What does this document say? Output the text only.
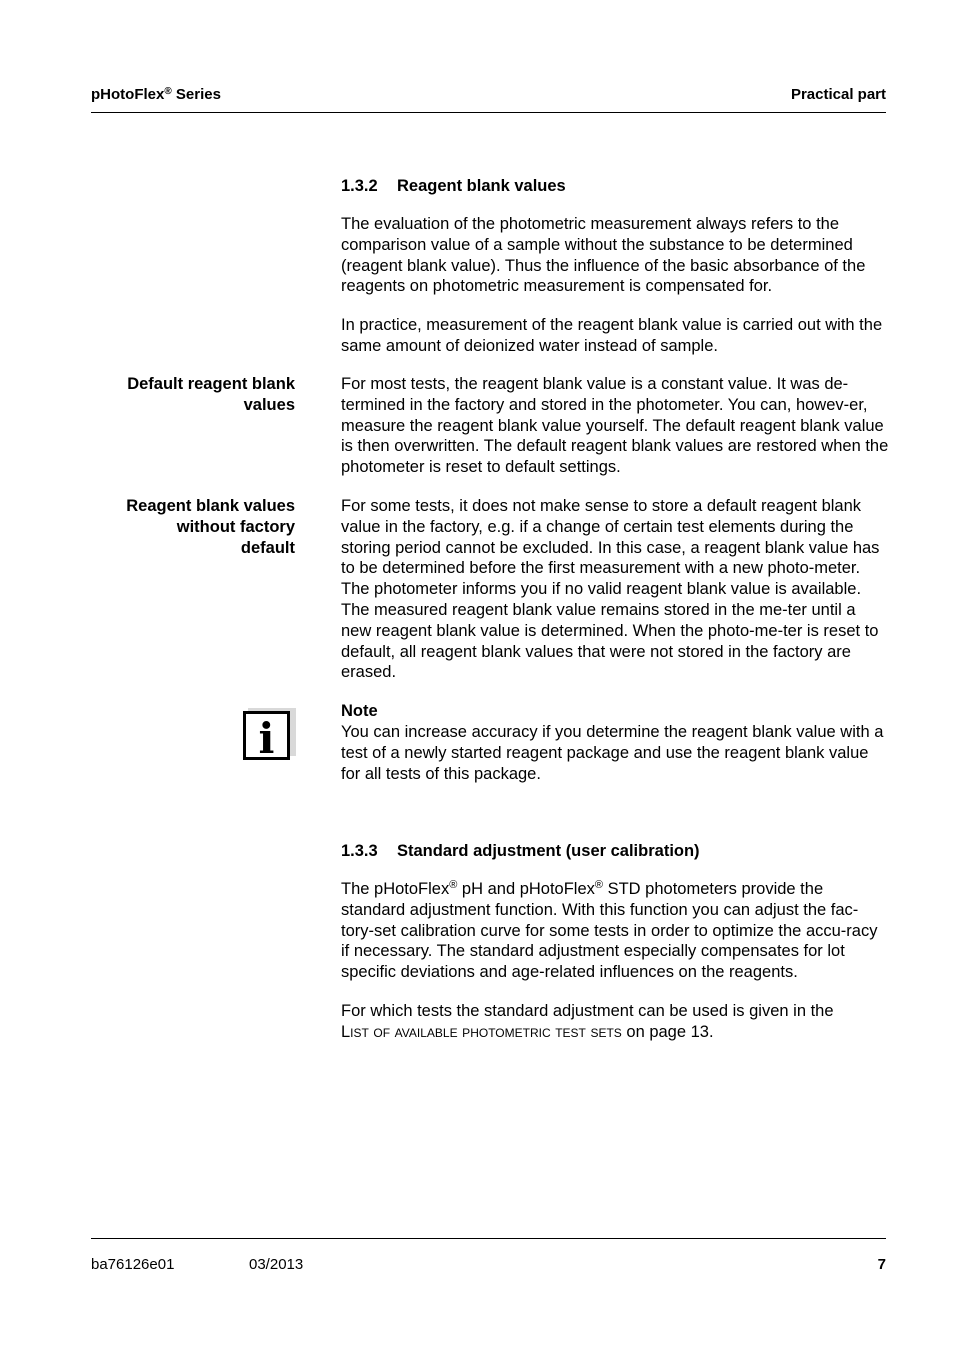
pHotoFlex® Series	Practical part
1.3.2 Reagent blank values
The evaluation of the photometric measurement always refers to the comparison value of a sample without the substance to be determined (reagent blank value). Thus the influence of the basic absorbance of the reagents on photometric measurement is compensated for.
In practice, measurement of the reagent blank value is carried out with the same amount of deionized water instead of sample.
Default reagent blank
values
For most tests, the reagent blank value is a constant value. It was de-termined in the factory and stored in the photometer. You can, howev-er, measure the reagent blank value yourself. The default reagent blank value is then overwritten. The default reagent blank values are restored when the photometer is reset to default settings.
Reagent blank values
without factory
default
For some tests, it does not make sense to store a default reagent blank value in the factory, e.g. if a change of certain test elements during the storing period cannot be excluded. In this case, a reagent blank value has to be determined before the first measurement with a new photo-meter. The photometer informs you if no valid reagent blank value is available. The measured reagent blank value remains stored in the me-ter until a new reagent blank value is determined. When the photo-me-ter is reset to default, all reagent blank values that were not stored in the factory are erased.
i
Note
You can increase accuracy if you determine the reagent blank value with a test of a newly started reagent package and use the reagent blank value for all tests of this package.
1.3.3 Standard adjustment (user calibration)
The pHotoFlex® pH and pHotoFlex® STD photometers provide the standard adjustment function. With this function you can adjust the fac-tory-set calibration curve for some tests in order to optimize the accu-racy if necessary. The standard adjustment especially compensates for lot specific deviations and age-related influences on the reagents.
For which tests the standard adjustment can be used is given in the
List of available photometric test sets on page 13.
ba76126e01	03/2013	7
